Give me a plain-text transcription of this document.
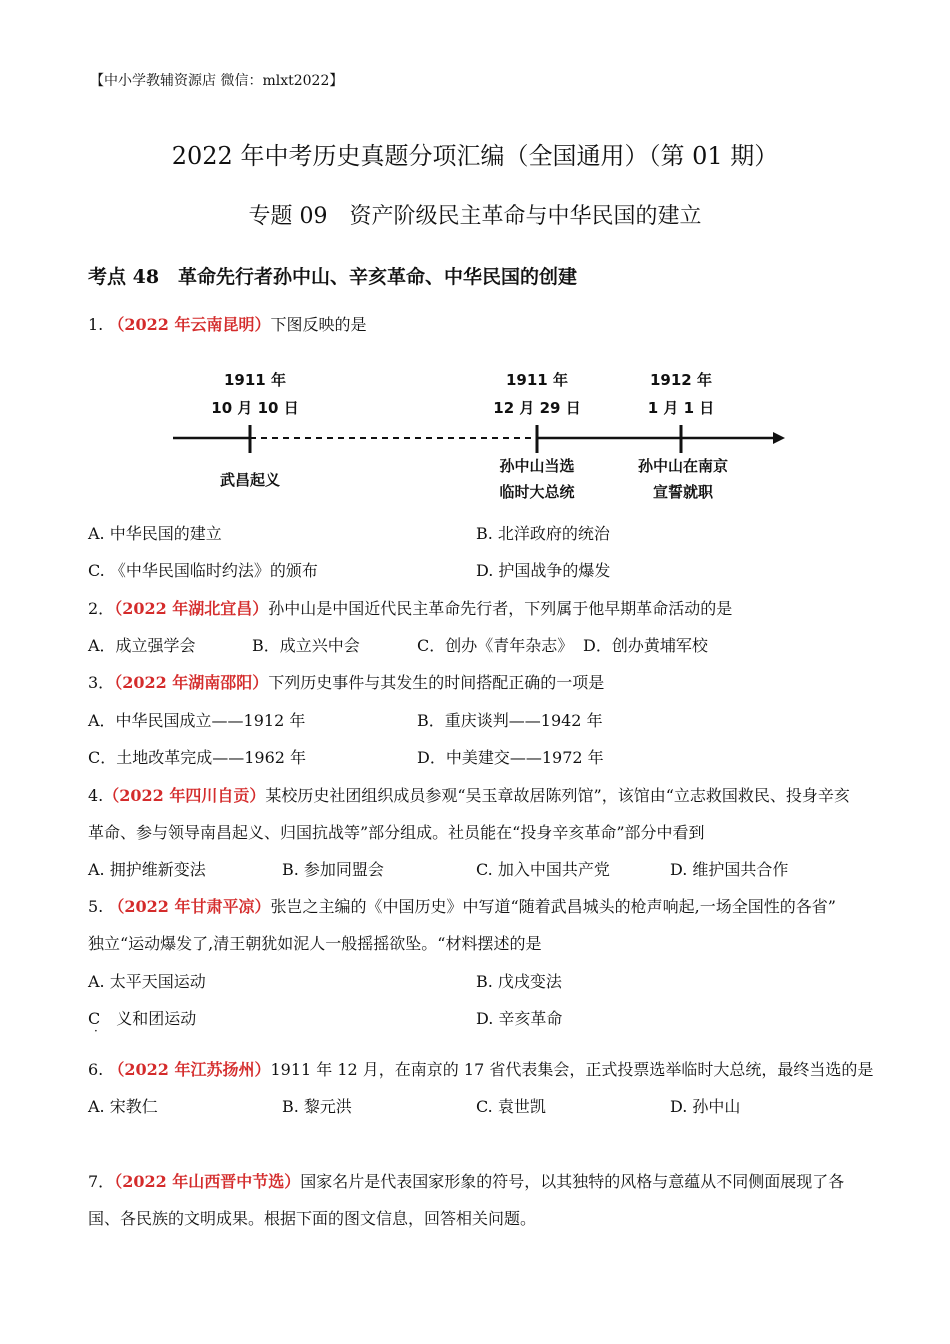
【中小学教辅资源店 微信：mlxt2022】
2022 年中考历史真题分项汇编（全国通用）（第 01 期）
专题 09　资产阶级民主革命与中华民国的建立
考点 48　革命先行者孙中山、辛亥革命、中华民国的创建
1. （2022 年云南昆明）下图反映的是
1911 年
10 月 10 日
武昌起义
1911 年
12 月 29 日
孙中山当选
临时大总统
1912 年
1 月 1 日
孙中山在南京
宣誓就职
A. 中华民国的建立	B. 北洋政府的统治
C. 《中华民国临时约法》的颁布	D. 护国战争的爆发
2．（2022 年湖北宜昌）孙中山是中国近代民主革命先行者，下列属于他早期革命活动的是
A．成立强学会	B．成立兴中会	C．创办《青年杂志》 D．创办黄埔军校
3．（2022 年湖南邵阳）下列历史事件与其发生的时间搭配正确的一项是
A．中华民国成立——1912 年	B．重庆谈判——1942 年
C．土地改革完成——1962 年	D．中美建交——1972 年
4.（2022 年四川自贡）某校历史社团组织成员参观“吴玉章故居陈列馆”，该馆由“立志救国救民、投身辛亥
革命、参与领导南昌起义、归国抗战等”部分组成。社员能在“投身辛亥革命”部分中看到
A. 拥护维新变法	B. 参加同盟会	C. 加入中国共产党	D. 维护国共合作
5. （2022 年甘肃平凉）张岂之主编的《中国历史》中写道“随着武昌城头的枪声响起,一场全国性的各省”
独立“运动爆发了,清王朝犹如泥人一般摇摇欲坠。“材料摆述的是
A. 太平天国运动	B. 戊戌变法
C　义和团运动	D. 辛亥革命
·
6. （2022 年江苏扬州）1911 年 12 月，在南京的 17 省代表集会，正式投票选举临时大总统，最终当选的是
A. 宋教仁	B. 黎元洪	C. 袁世凯	D. 孙中山
7．（2022 年山西晋中节选）国家名片是代表国家形象的符号，以其独特的风格与意蕴从不同侧面展现了各
国、各民族的文明成果。根据下面的图文信息，回答相关问题。
